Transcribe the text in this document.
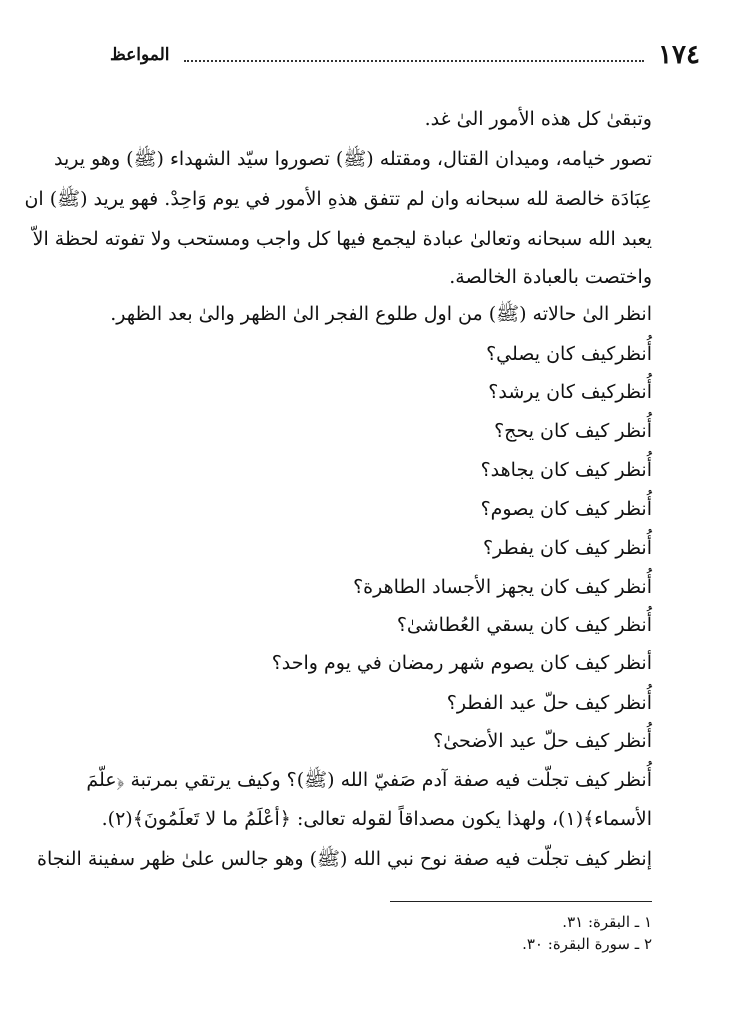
١٧٤
المواعظ
وتبقىٰ كل هذه الأمور الىٰ غد.
تصور خيامه، وميدان القتال، ومقتله (ﷺ) تصوروا سيّد الشهداء (ﷺ) وهو يريد
عِبَادَة خالصة لله سبحانه وان لم تتفق هذهِ الأمور في يوم وَاحِدْ. فهو يريد (ﷺ) ان
يعبد الله سبحانه وتعالىٰ عبادة ليجمع فيها كل واجب ومستحب ولا تفوته لحظة الاّ
واختصت بالعبادة الخالصة.
انظر الىٰ حالاته (ﷺ) من اول طلوع الفجر الىٰ الظهر والىٰ بعد الظهر.
أُنظركيف كان يصلي؟
أُنظركيف كان يرشد؟
أُنظر كيف كان يحج؟
أُنظر كيف كان يجاهد؟
أُنظر كيف كان يصوم؟
أُنظر كيف كان يفطر؟
أُنظر كيف كان يجهز الأجساد الطاهرة؟
أُنظر كيف كان يسقي العُطاشىٰ؟
أنظر كيف كان يصوم شهر رمضان في يوم واحد؟
أُنظر كيف حلّ عيد الفطر؟
أُنظر كيف حلّ عيد الأضحىٰ؟
أُنظر كيف تجلّت فيه صفة آدم صَفيّ الله (ﷺ)؟ وكيف يرتقي بمرتبة ﴿علّمَ
الأسماء﴾(١)، ولهذا يكون مصداقاً لقوله تعالى: ﴿أعْلَمُ ما لا تَعلَمُونَ﴾(٢).
إنظر كيف تجلّت فيه صفة نوح نبي الله (ﷺ) وهو جالس علىٰ ظهر سفينة النجاة
١ ـ البقرة: ٣١.
٢ ـ سورة البقرة: ٣٠.
